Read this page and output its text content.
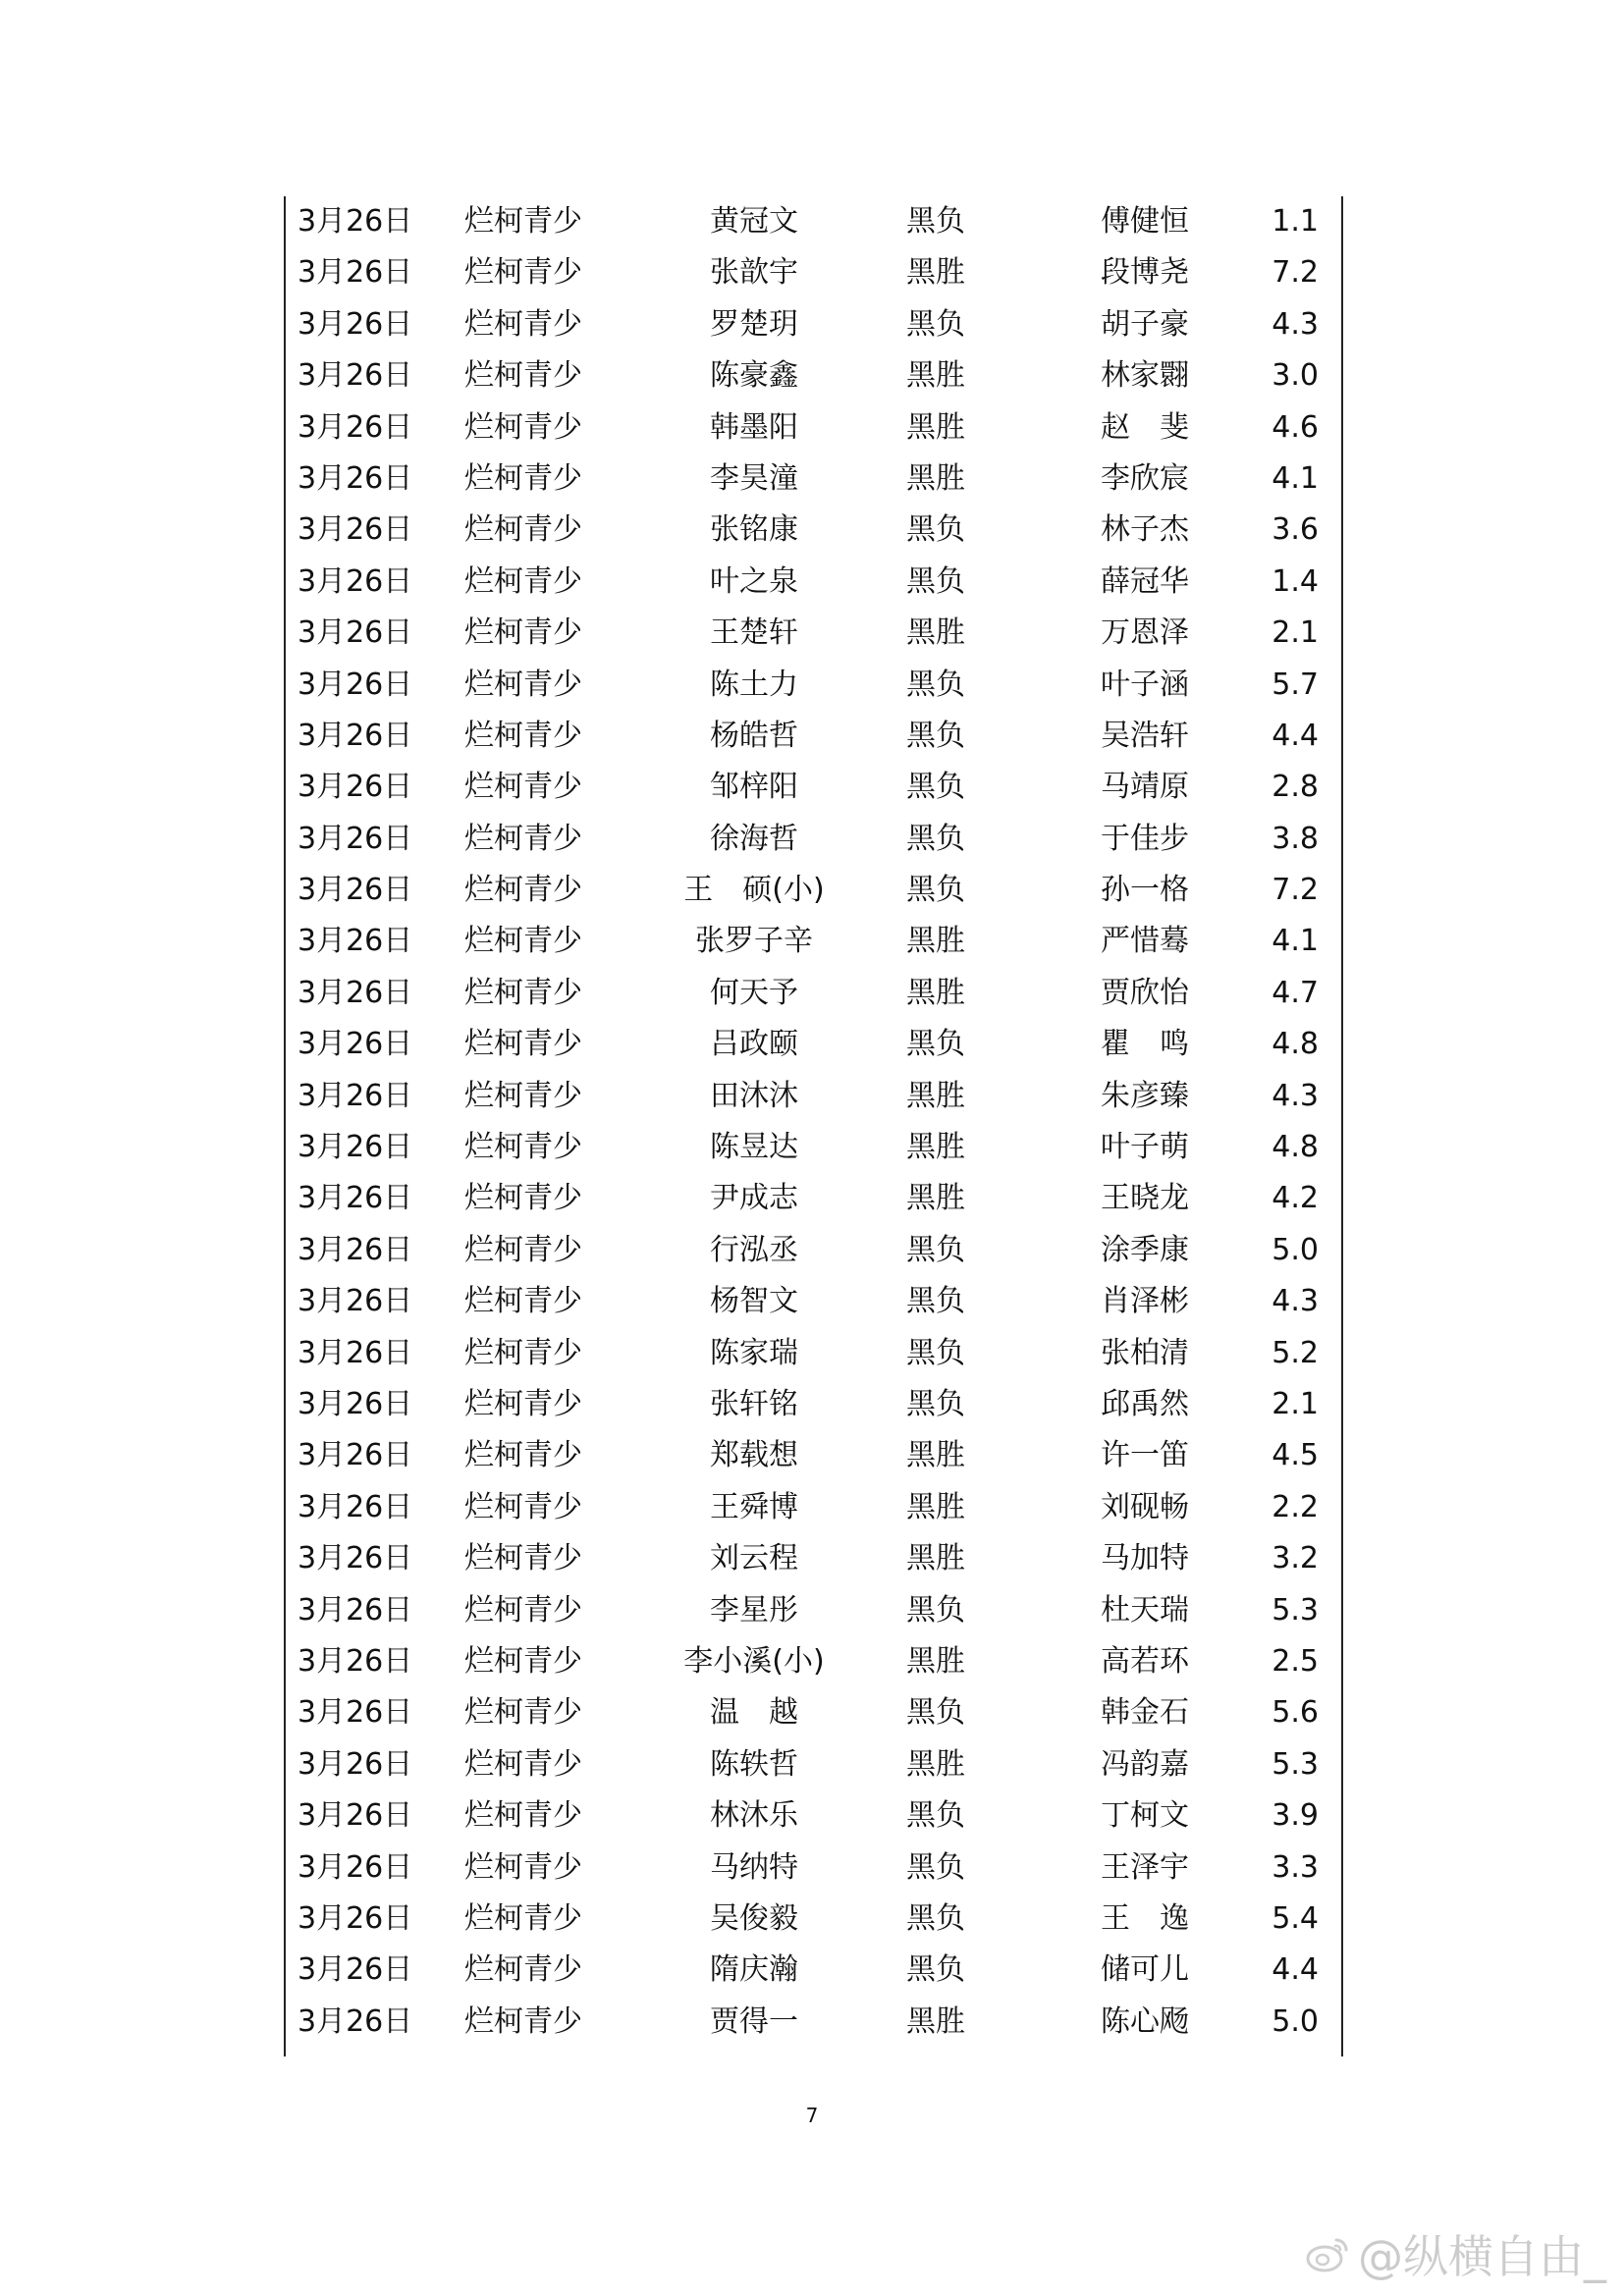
3月26日 烂柯青少	黄冠文	黑负	傅健恒	1.1
3月26日 烂柯青少	张歆宇	黑胜	段博尧	7.2
3月26日 烂柯青少	罗楚玥	黑负	胡子豪	4.3
3月26日 烂柯青少	陈豪鑫	黑胜	林家翾	3.0
3月26日 烂柯青少	韩墨阳	黑胜	赵　斐	4.6
3月26日 烂柯青少	李昊潼	黑胜	李欣宸	4.1
3月26日 烂柯青少	张铭康	黑负	林子杰	3.6
3月26日 烂柯青少	叶之泉	黑负	薛冠华	1.4
3月26日 烂柯青少	王楚轩	黑胜	万恩泽	2.1
3月26日 烂柯青少	陈土力	黑负	叶子涵	5.7
3月26日 烂柯青少	杨皓哲	黑负	吴浩轩	4.4
3月26日 烂柯青少	邹梓阳	黑负	马靖原	2.8
3月26日 烂柯青少	徐海哲	黑负	于佳步	3.8
3月26日 烂柯青少	王　硕(小)	黑负	孙一格	7.2
3月26日 烂柯青少	张罗子辛	黑胜	严惜蓦	4.1
3月26日 烂柯青少	何天予	黑胜	贾欣怡	4.7
3月26日 烂柯青少	吕政颐	黑负	瞿　鸣	4.8
3月26日 烂柯青少	田沐沐	黑胜	朱彦臻	4.3
3月26日 烂柯青少	陈昱达	黑胜	叶子萌	4.8
3月26日 烂柯青少	尹成志	黑胜	王晓龙	4.2
3月26日 烂柯青少	行泓丞	黑负	涂季康	5.0
3月26日 烂柯青少	杨智文	黑负	肖泽彬	4.3
3月26日 烂柯青少	陈家瑞	黑负	张柏清	5.2
3月26日 烂柯青少	张轩铭	黑负	邱禹然	2.1
3月26日 烂柯青少	郑载想	黑胜	许一笛	4.5
3月26日 烂柯青少	王舜博	黑胜	刘砚畅	2.2
3月26日 烂柯青少	刘云程	黑胜	马加特	3.2
3月26日 烂柯青少	李星彤	黑负	杜天瑞	5.3
3月26日 烂柯青少	李小溪(小)	黑胜	高若环	2.5
3月26日 烂柯青少	温　越	黑负	韩金石	5.6
3月26日 烂柯青少	陈轶哲	黑胜	冯韵嘉	5.3
3月26日 烂柯青少	林沐乐	黑负	丁柯文	3.9
3月26日 烂柯青少	马纳特	黑负	王泽宇	3.3
3月26日 烂柯青少	吴俊毅	黑负	王　逸	5.4
3月26日 烂柯青少	隋庆瀚	黑负	储可儿	4.4
3月26日 烂柯青少	贾得一	黑胜	陈心飏	5.0
7
@纵横自由_
